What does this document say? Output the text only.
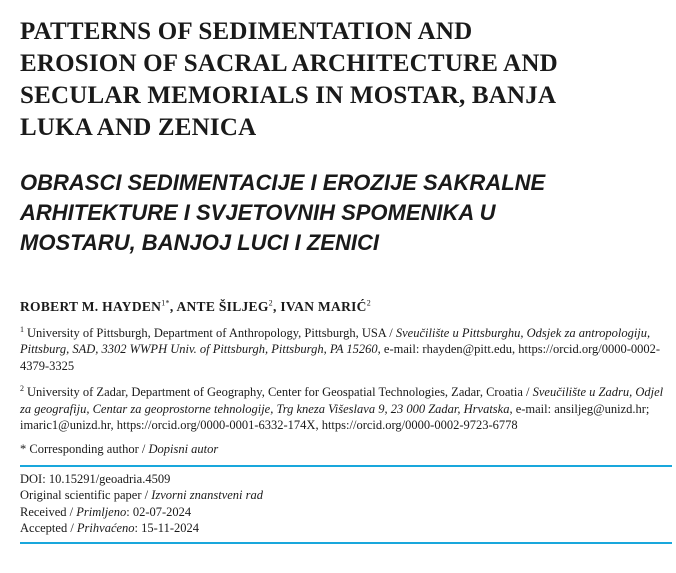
PATTERNS OF SEDIMENTATION AND
EROSION OF SACRAL ARCHITECTURE AND
SECULAR MEMORIALS IN MOSTAR, BANJA
LUKA AND ZENICA
OBRASCI SEDIMENTACIJE I EROZIJE SAKRALNE
ARHITEKTURE I SVJETOVNIH SPOMENIKA U
MOSTARU, BANJOJ LUCI I ZENICI

ROBERT M. $HAYDEN^{1*}$, ANTE ŠILJEG$^2$, IVAN MARIĆ$^2$

$^1$ University of Pittsburgh, Department of Anthropology, Pittsburgh, USA / Sveučilište u Pittsburghu, Odsjek za antropologiju, Pittsburg, SAD, 3302 WWPH Univ. of Pittsburgh, Pittsburgh, PA 15260, e-mail: rhayden@pitt.edu, https://orcid.org/0000-0002-4379-3325

$^2$ University of Zadar, Department of Geography, Center for Geospatial Technologies, Zadar, Croatia / Sveučilište u Zadru, Odjel za geografiju, Centar za geoprostorne tehnologije, Trg kneza Višeslava 9, 23 000 Zadar, Hrvatska, e-mail: ansiljeg@unizd.hr; imaric1@unizd.hr, https://orcid.org/0000-0001-6332-174X, https://orcid.org/0000-0002-9723-6778

* Corresponding author / Dopisni autor

DOI: 10.15291/geoadria.4509
Original scientific paper / Izvorni znanstveni rad
Received / Primljeno: 02-07-2024
Accepted / Prihvaćeno: 15-11-2024
